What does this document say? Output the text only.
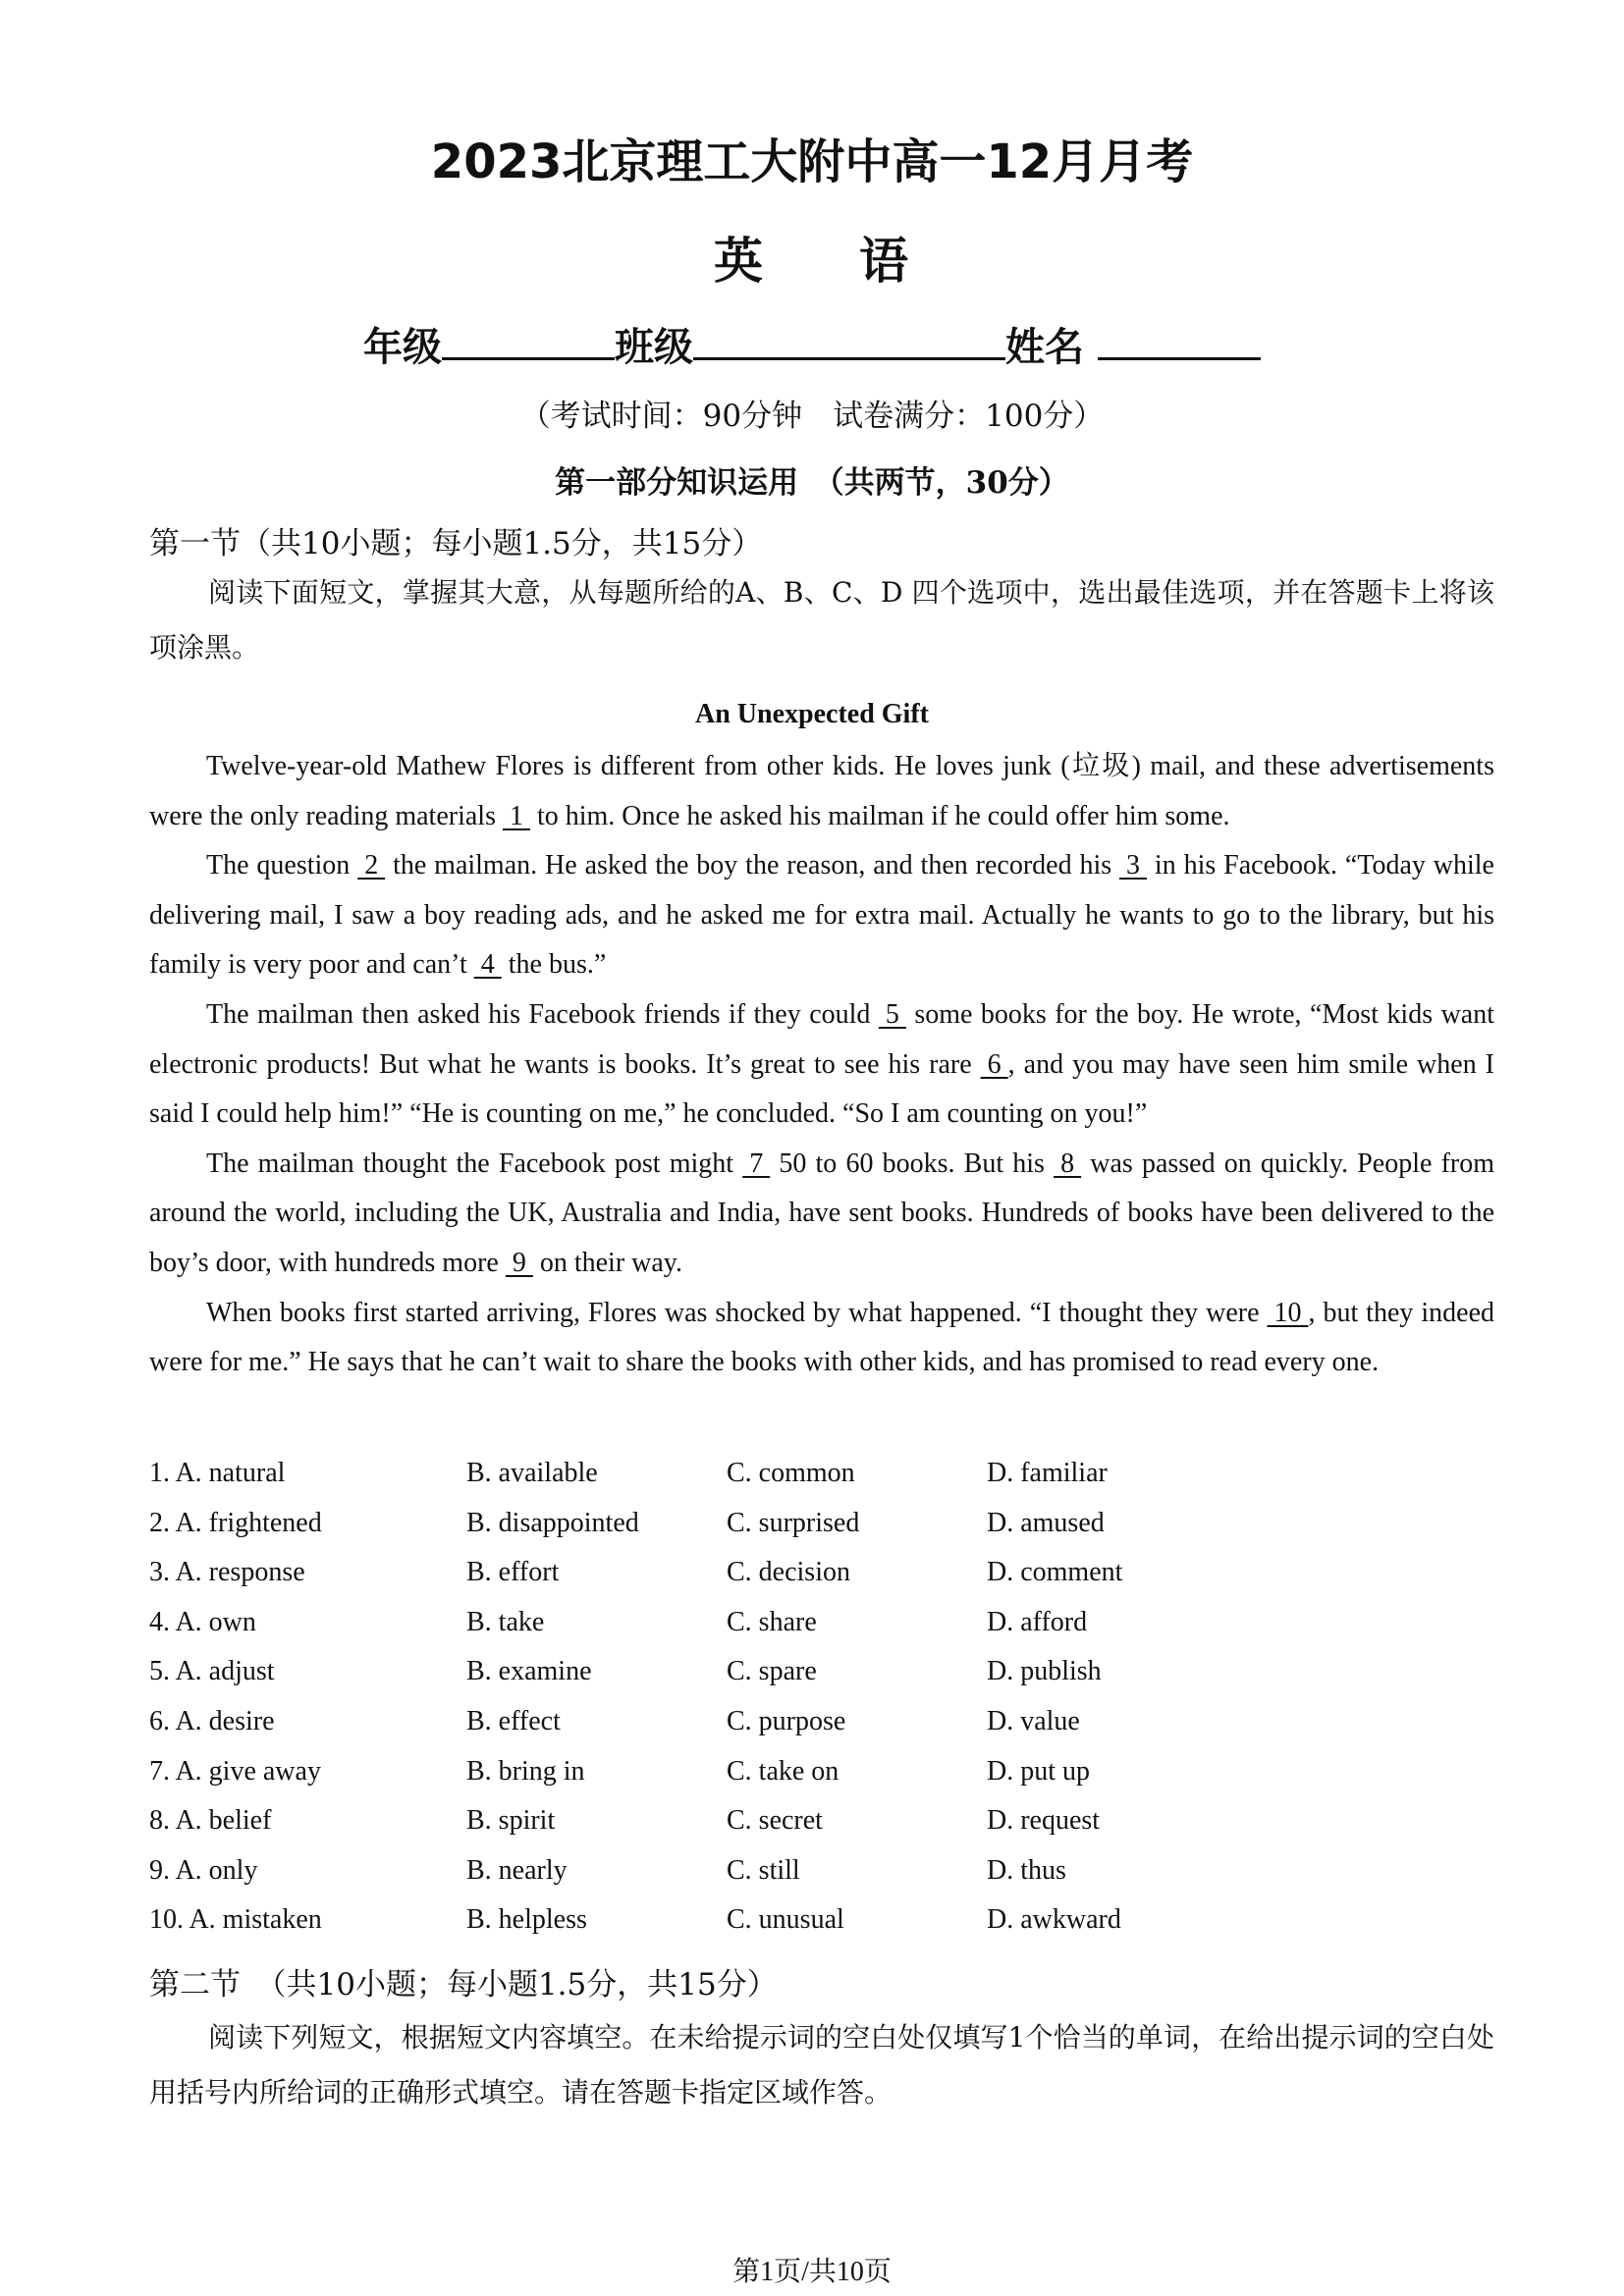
2023北京理工大附中高一12月月考
英 语
年级	班级	姓名
（考试时间：90分钟　试卷满分：100分）
第一部分知识运用　（共两节，30分）
第一节（共10小题；每小题1.5分，共15分）
阅读下面短文，掌握其大意，从每题所给的A、B、C、D 四个选项中，选出最佳选项，并在答题卡上将该项涂黑。
An Unexpected Gift

Twelve-year-old Mathew Flores is different from other kids. He loves junk (垃圾) mail, and these advertisements were the only reading materials  1  to him. Once he asked his mailman if he could offer him some.

The question  2  the mailman. He asked the boy the reason, and then recorded his  3  in his Facebook. “Today while delivering mail, I saw a boy reading ads, and he asked me for extra mail. Actually he wants to go to the library, but his family is very poor and can’t  4  the bus.”

The mailman then asked his Facebook friends if they could  5  some books for the boy. He wrote, “Most kids want electronic products! But what he wants is books. It’s great to see his rare  6 , and you may have seen him smile when I said I could help him!” “He is counting on me,” he concluded. “So I am counting on you!”

The mailman thought the Facebook post might  7  50 to 60 books. But his  8  was passed on quickly. People from around the world, including the UK, Australia and India, have sent books. Hundreds of books have been delivered to the boy’s door, with hundreds more  9  on their way.

When books first started arriving, Flores was shocked by what happened. “I thought they were  10 , but they indeed were for me.” He says that he can’t wait to share the books with other kids, and has promised to read every one.

1. A. natural	B. available	C. common	D. familiar
2. A. frightened	B. disappointed	C. surprised	D. amused
3. A. response	B. effort	C. decision	D. comment
4. A. own	B. take	C. share	D. afford
5. A. adjust	B. examine	C. spare	D. publish
6. A. desire	B. effect	C. purpose	D. value
7. A. give away	B. bring in	C. take on	D. put up
8. A. belief	B. spirit	C. secret	D. request
9. A. only	B. nearly	C. still	D. thus
10. A. mistaken	B. helpless	C. unusual	D. awkward
第二节　（共10小题；每小题1.5分，共15分）
阅读下列短文，根据短文内容填空。在未给提示词的空白处仅填写1个恰当的单词，在给出提示词的空白处用括号内所给词的正确形式填空。请在答题卡指定区域作答。
第1页/共10页
